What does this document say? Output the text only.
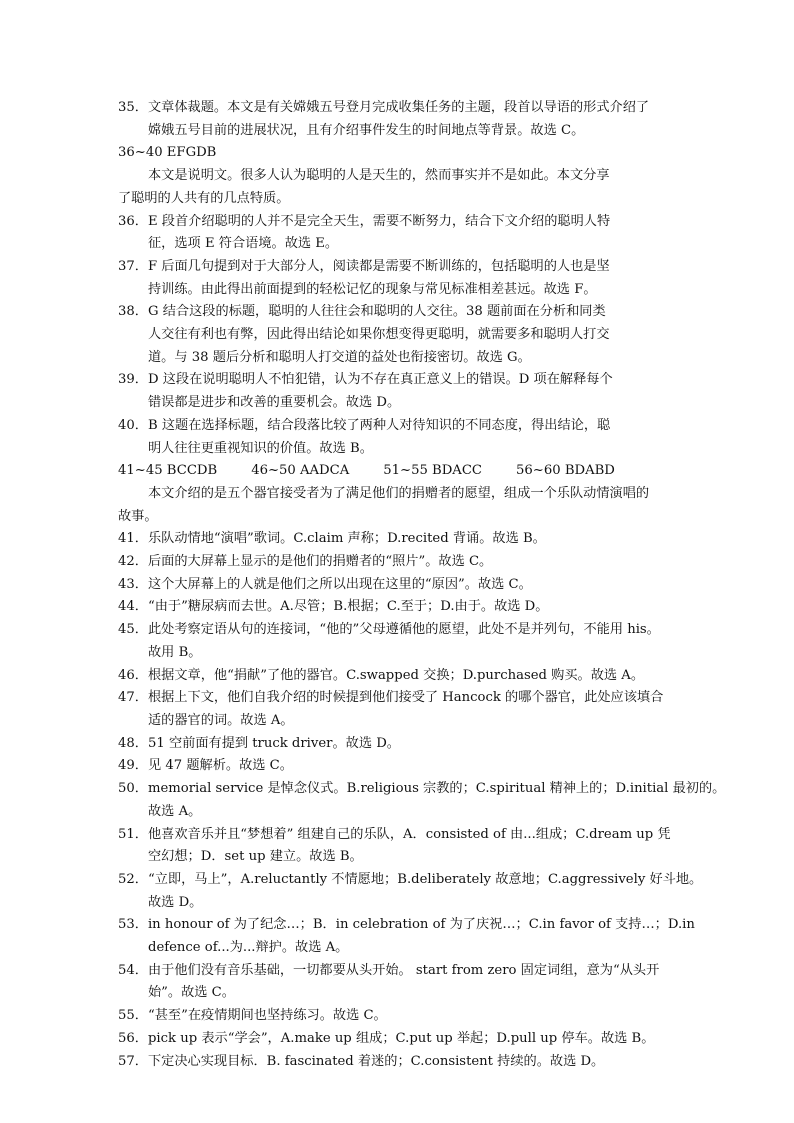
35．文章体裁题。本文是有关嫦娥五号登月完成收集任务的主题，段首以导语的形式介绍了
嫦娥五号目前的进展状况，且有介绍事件发生的时间地点等背景。故选 C。
36~40 EFGDB
本文是说明文。很多人认为聪明的人是天生的，然而事实并不是如此。本文分享
了聪明的人共有的几点特质。
36．E 段首介绍聪明的人并不是完全天生，需要不断努力，结合下文介绍的聪明人特
征，选项 E 符合语境。故选 E。
37．F 后面几句提到对于大部分人，阅读都是需要不断训练的，包括聪明的人也是坚
持训练。由此得出前面提到的轻松记忆的现象与常见标准相差甚远。故选 F。
38．G 结合这段的标题，聪明的人往往会和聪明的人交往。38 题前面在分析和同类
人交往有利也有弊，因此得出结论如果你想变得更聪明，就需要多和聪明人打交
道。与 38 题后分析和聪明人打交道的益处也衔接密切。故选 G。
39．D 这段在说明聪明人不怕犯错，认为不存在真正意义上的错误。D 项在解释每个
错误都是进步和改善的重要机会。故选 D。
40．B 这题在选择标题，结合段落比较了两种人对待知识的不同态度，得出结论，聪
明人往往更重视知识的价值。故选 B。
41~45 BCCDB	46~50 AADCA	51~55 BDACC	56~60 BDABD
本文介绍的是五个器官接受者为了满足他们的捐赠者的愿望，组成一个乐队动情演唱的
故事。
41．乐队动情地“演唱”歌词。C.claim 声称；D.recited 背诵。故选 B。
42．后面的大屏幕上显示的是他们的捐赠者的“照片”。故选 C。
43．这个大屏幕上的人就是他们之所以出现在这里的“原因”。故选 C。
44．“由于”糖尿病而去世。A.尽管；B.根据；C.至于；D.由于。故选 D。
45．此处考察定语从句的连接词，“他的”父母遵循他的愿望，此处不是并列句，不能用 his。
故用 B。
46．根据文章，他“捐献”了他的器官。C.swapped 交换；D.purchased 购买。故选 A。
47．根据上下文，他们自我介绍的时候提到他们接受了 Hancock 的哪个器官，此处应该填合
适的器官的词。故选 A。
48．51 空前面有提到 truck driver。故选 D。
49．见 47 题解析。故选 C。
50．memorial service 是悼念仪式。B.religious 宗教的；C.spiritual 精神上的；D.initial 最初的。
故选 A。
51．他喜欢音乐并且“梦想着” 组建自己的乐队，A．consisted of 由...组成；C.dream up 凭
空幻想；D．set up 建立。故选 B。
52．“立即，马上”，A.reluctantly 不情愿地；B.deliberately 故意地；C.aggressively 好斗地。
故选 D。
53．in honour of 为了纪念…；B．in celebration of 为了庆祝…；C.in favor of 支持…；D.in
defence of...为...辩护。故选 A。
54．由于他们没有音乐基础，一切都要从头开始。 start from zero 固定词组，意为“从头开
始”。故选 C。
55．“甚至”在疫情期间也坚持练习。故选 C。
56．pick up 表示“学会”，A.make up 组成；C.put up 举起；D.pull up 停车。故选 B。
57．下定决心实现目标．B. fascinated 着迷的；C.consistent 持续的。故选 D。
